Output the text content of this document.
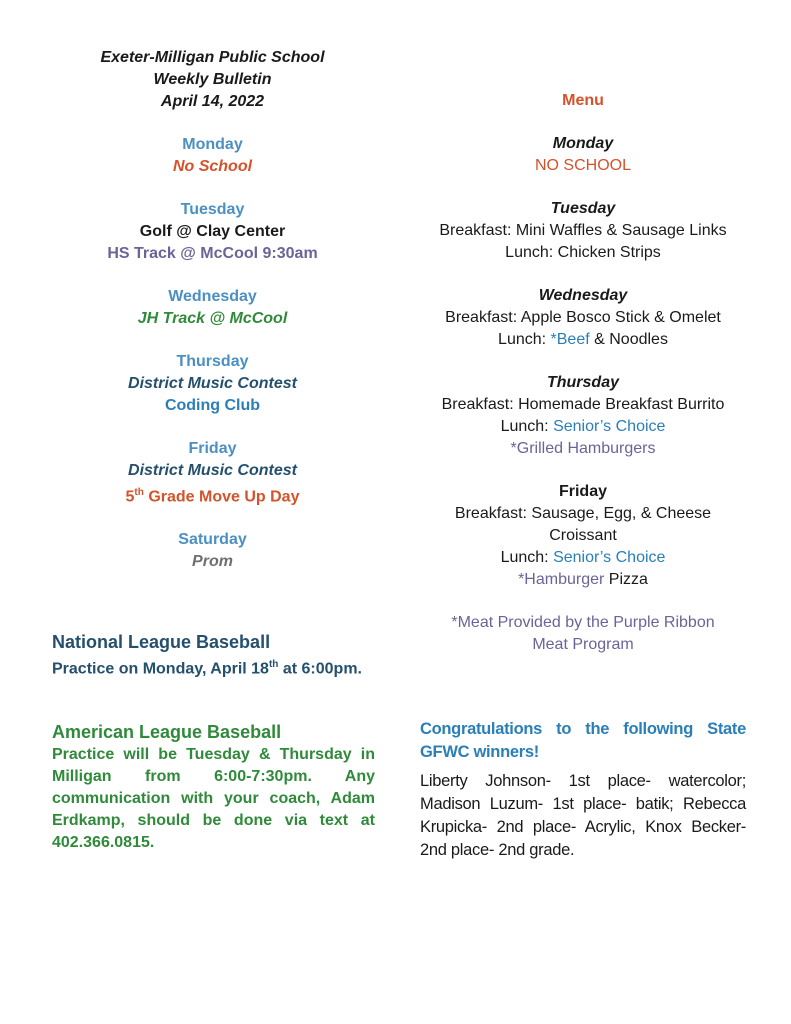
Exeter-Milligan Public School
Weekly Bulletin
April 14, 2022
Monday
No School
Tuesday
Golf @ Clay Center
HS Track @ McCool 9:30am
Wednesday
JH Track @ McCool
Thursday
District Music Contest
Coding Club
Friday
District Music Contest
5th Grade Move Up Day
Saturday
Prom
Menu
Monday
NO SCHOOL
Tuesday
Breakfast: Mini Waffles & Sausage Links
Lunch: Chicken Strips
Wednesday
Breakfast: Apple Bosco Stick & Omelet
Lunch: *Beef & Noodles
Thursday
Breakfast: Homemade Breakfast Burrito
Lunch: Senior’s Choice
*Grilled Hamburgers
Friday
Breakfast: Sausage, Egg, & Cheese
Croissant
Lunch: Senior’s Choice
*Hamburger Pizza
*Meat Provided by the Purple Ribbon
Meat Program
National League Baseball
Practice on Monday, April 18th at 6:00pm.
American League Baseball
Practice will be Tuesday & Thursday in Milligan from 6:00-7:30pm. Any communication with your coach, Adam Erdkamp, should be done via text at 402.366.0815.
Congratulations to the following State GFWC winners!
Liberty Johnson- 1st place- watercolor; Madison Luzum- 1st place- batik; Rebecca Krupicka- 2nd place- Acrylic, Knox Becker- 2nd place- 2nd grade.
